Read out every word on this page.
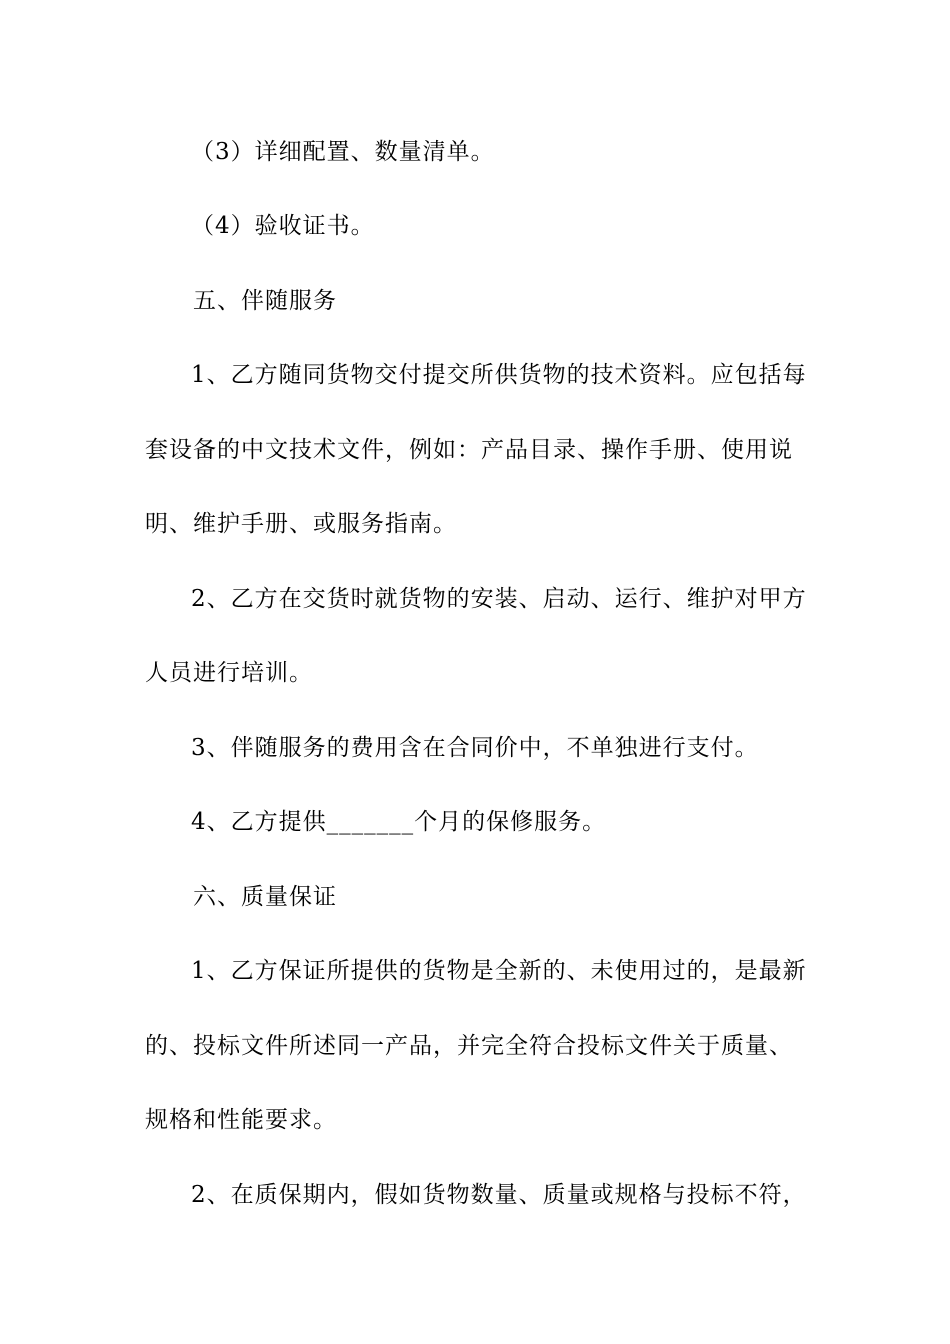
（3）详细配置、数量清单。
（4）验收证书。
五、伴随服务
1、乙方随同货物交付提交所供货物的技术资料。应包括每
套设备的中文技术文件，例如：产品目录、操作手册、使用说
明、维护手册、或服务指南。
2、乙方在交货时就货物的安装、启动、运行、维护对甲方
人员进行培训。
3、伴随服务的费用含在合同价中，不单独进行支付。
4、乙方提供_______个月的保修服务。
六、质量保证
1、乙方保证所提供的货物是全新的、未使用过的，是最新
的、投标文件所述同一产品，并完全符合投标文件关于质量、
规格和性能要求。
2、在质保期内，假如货物数量、质量或规格与投标不符，
